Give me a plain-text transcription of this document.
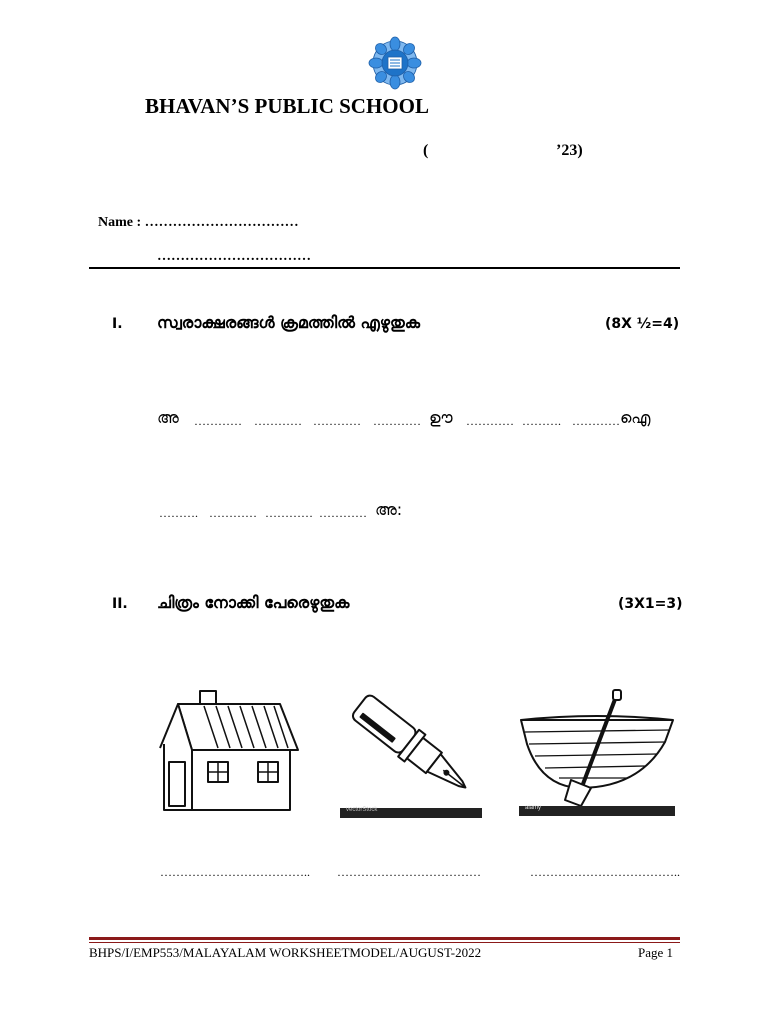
BHAVAN’S PUBLIC SCHOOL
(	’23)
Name : ……………………………
……………………………
I. സ്വരാക്ഷരങ്ങൾ ക്രമത്തിൽ എഴുതുക	(8X ½=4)
അ ………… ………… ………… ………… ഊ ………… ………. ………… ഐ
………. ………… ………… ………… അ:
II. ചിത്രം നോക്കി പേരെഴുതുക	(3X1=3)
vectorStock	alamy
……………………………….. ………………………………	………………………………..
BHPS/I/EMP553/MALAYALAM WORKSHEETMODEL/AUGUST-2022	Page 1
